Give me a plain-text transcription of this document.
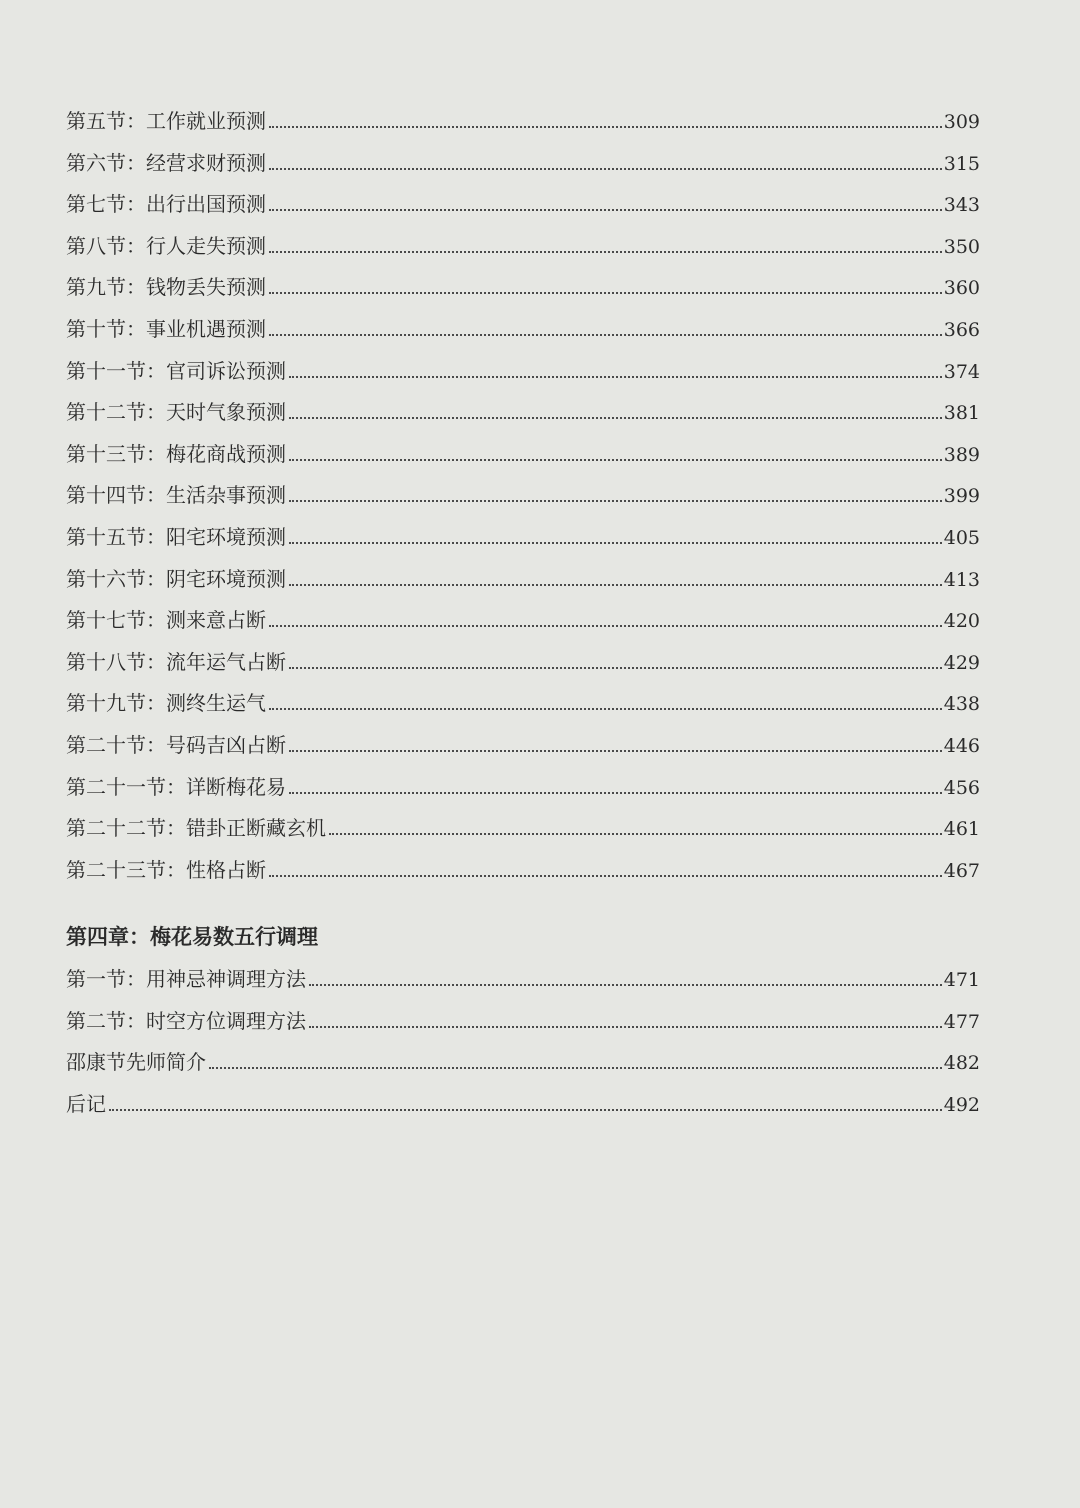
第五节：工作就业预测	309
第六节：经营求财预测	315
第七节：出行出国预测	343
第八节：行人走失预测	350
第九节：钱物丢失预测	360
第十节：事业机遇预测	366
第十一节：官司诉讼预测	374
第十二节：天时气象预测	381
第十三节：梅花商战预测	389
第十四节：生活杂事预测	399
第十五节：阳宅环境预测	405
第十六节：阴宅环境预测	413
第十七节：测来意占断	420
第十八节：流年运气占断	429
第十九节：测终生运气	438
第二十节：号码吉凶占断	446
第二十一节：详断梅花易	456
第二十二节：错卦正断藏玄机	461
第二十三节：性格占断	467
第四章：梅花易数五行调理
第一节：用神忌神调理方法	471
第二节：时空方位调理方法	477
邵康节先师简介	482
后记	492
